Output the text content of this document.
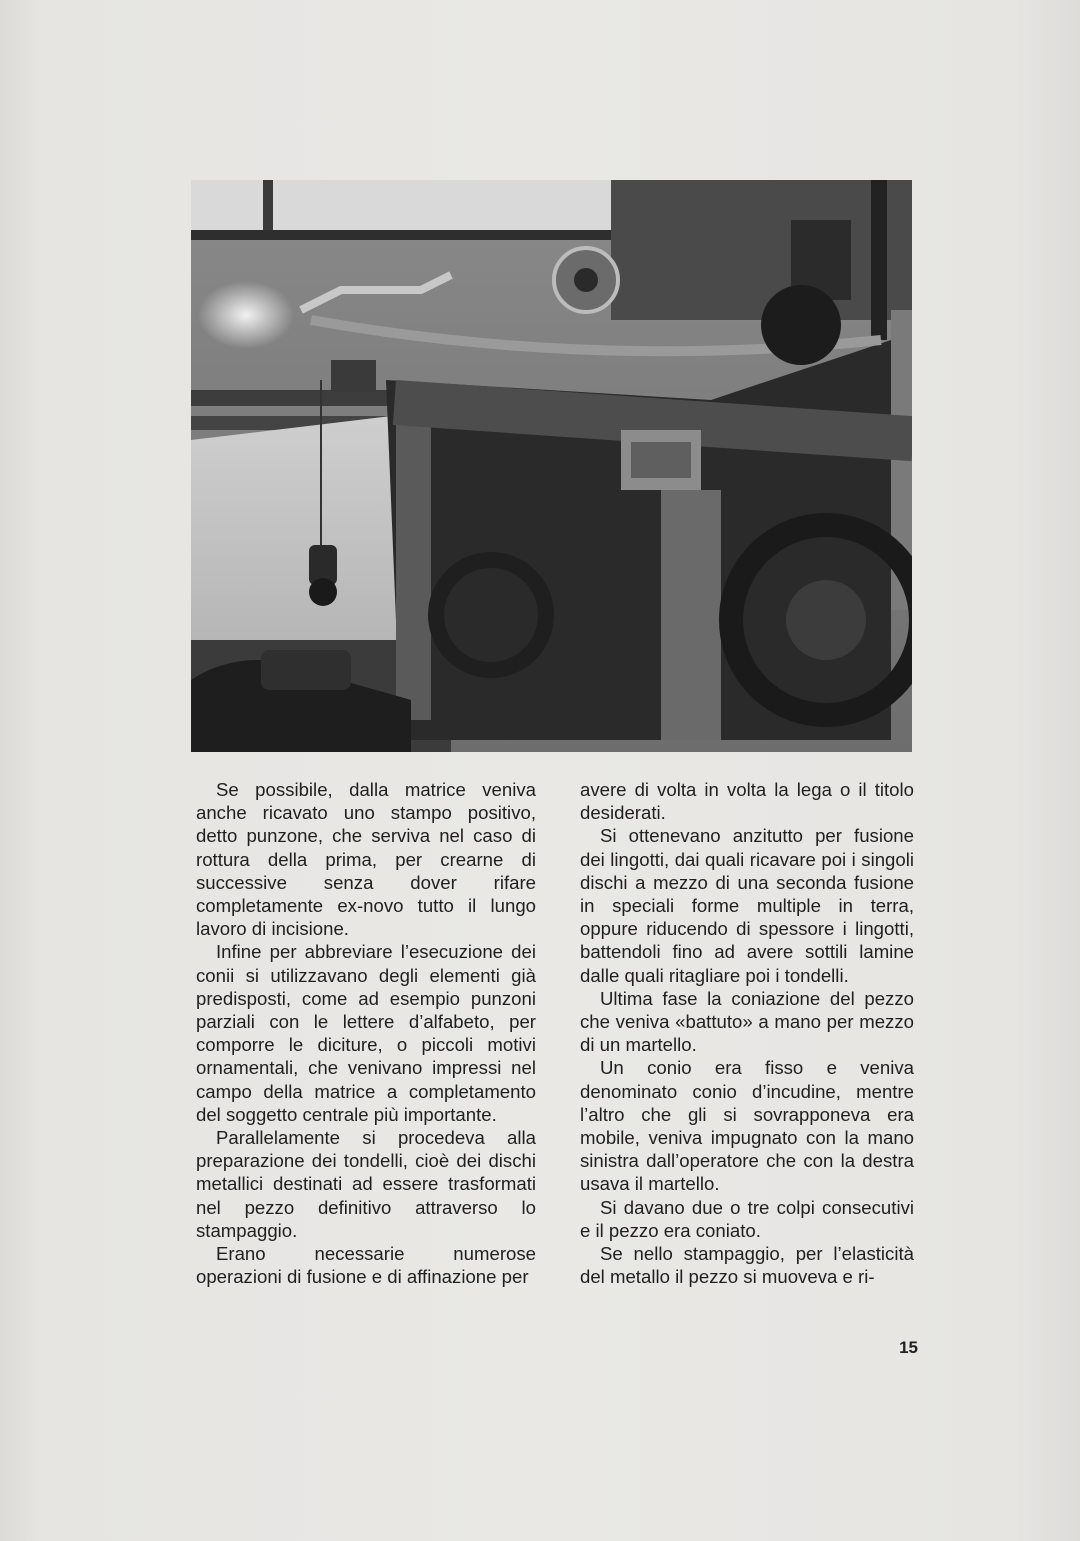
Se possibile, dalla matrice veniva anche ricavato uno stampo positivo, detto punzone, che serviva nel caso di rottura della prima, per crearne di successive senza dover rifare completamente ex-novo tutto il lungo lavoro di incisione.

Infine per abbreviare l’esecuzione dei conii si utilizzavano degli elementi già predisposti, come ad esempio punzoni parziali con le lettere d’alfabeto, per comporre le diciture, o piccoli motivi ornamentali, che venivano impressi nel campo della matrice a completamento del soggetto centrale più importante.

Parallelamente si procedeva alla preparazione dei tondelli, cioè dei dischi metallici destinati ad essere trasformati nel pezzo definitivo attraverso lo stampaggio.

Erano necessarie numerose operazioni di fusione e di affinazione per

avere di volta in volta la lega o il titolo desiderati.

Si ottenevano anzitutto per fusione dei lingotti, dai quali ricavare poi i singoli dischi a mezzo di una seconda fusione in speciali forme multiple in terra, oppure riducendo di spessore i lingotti, battendoli fino ad avere sottili lamine dalle quali ritagliare poi i tondelli.

Ultima fase la coniazione del pezzo che veniva «battuto» a mano per mezzo di un martello.

Un conio era fisso e veniva denominato conio d’incudine, mentre l’altro che gli si sovrapponeva era mobile, veniva impugnato con la mano sinistra dall’operatore che con la destra usava il martello.

Si davano due o tre colpi consecutivi e il pezzo era coniato.

Se nello stampaggio, per l’elasticità del metallo il pezzo si muoveva e ri-

15
